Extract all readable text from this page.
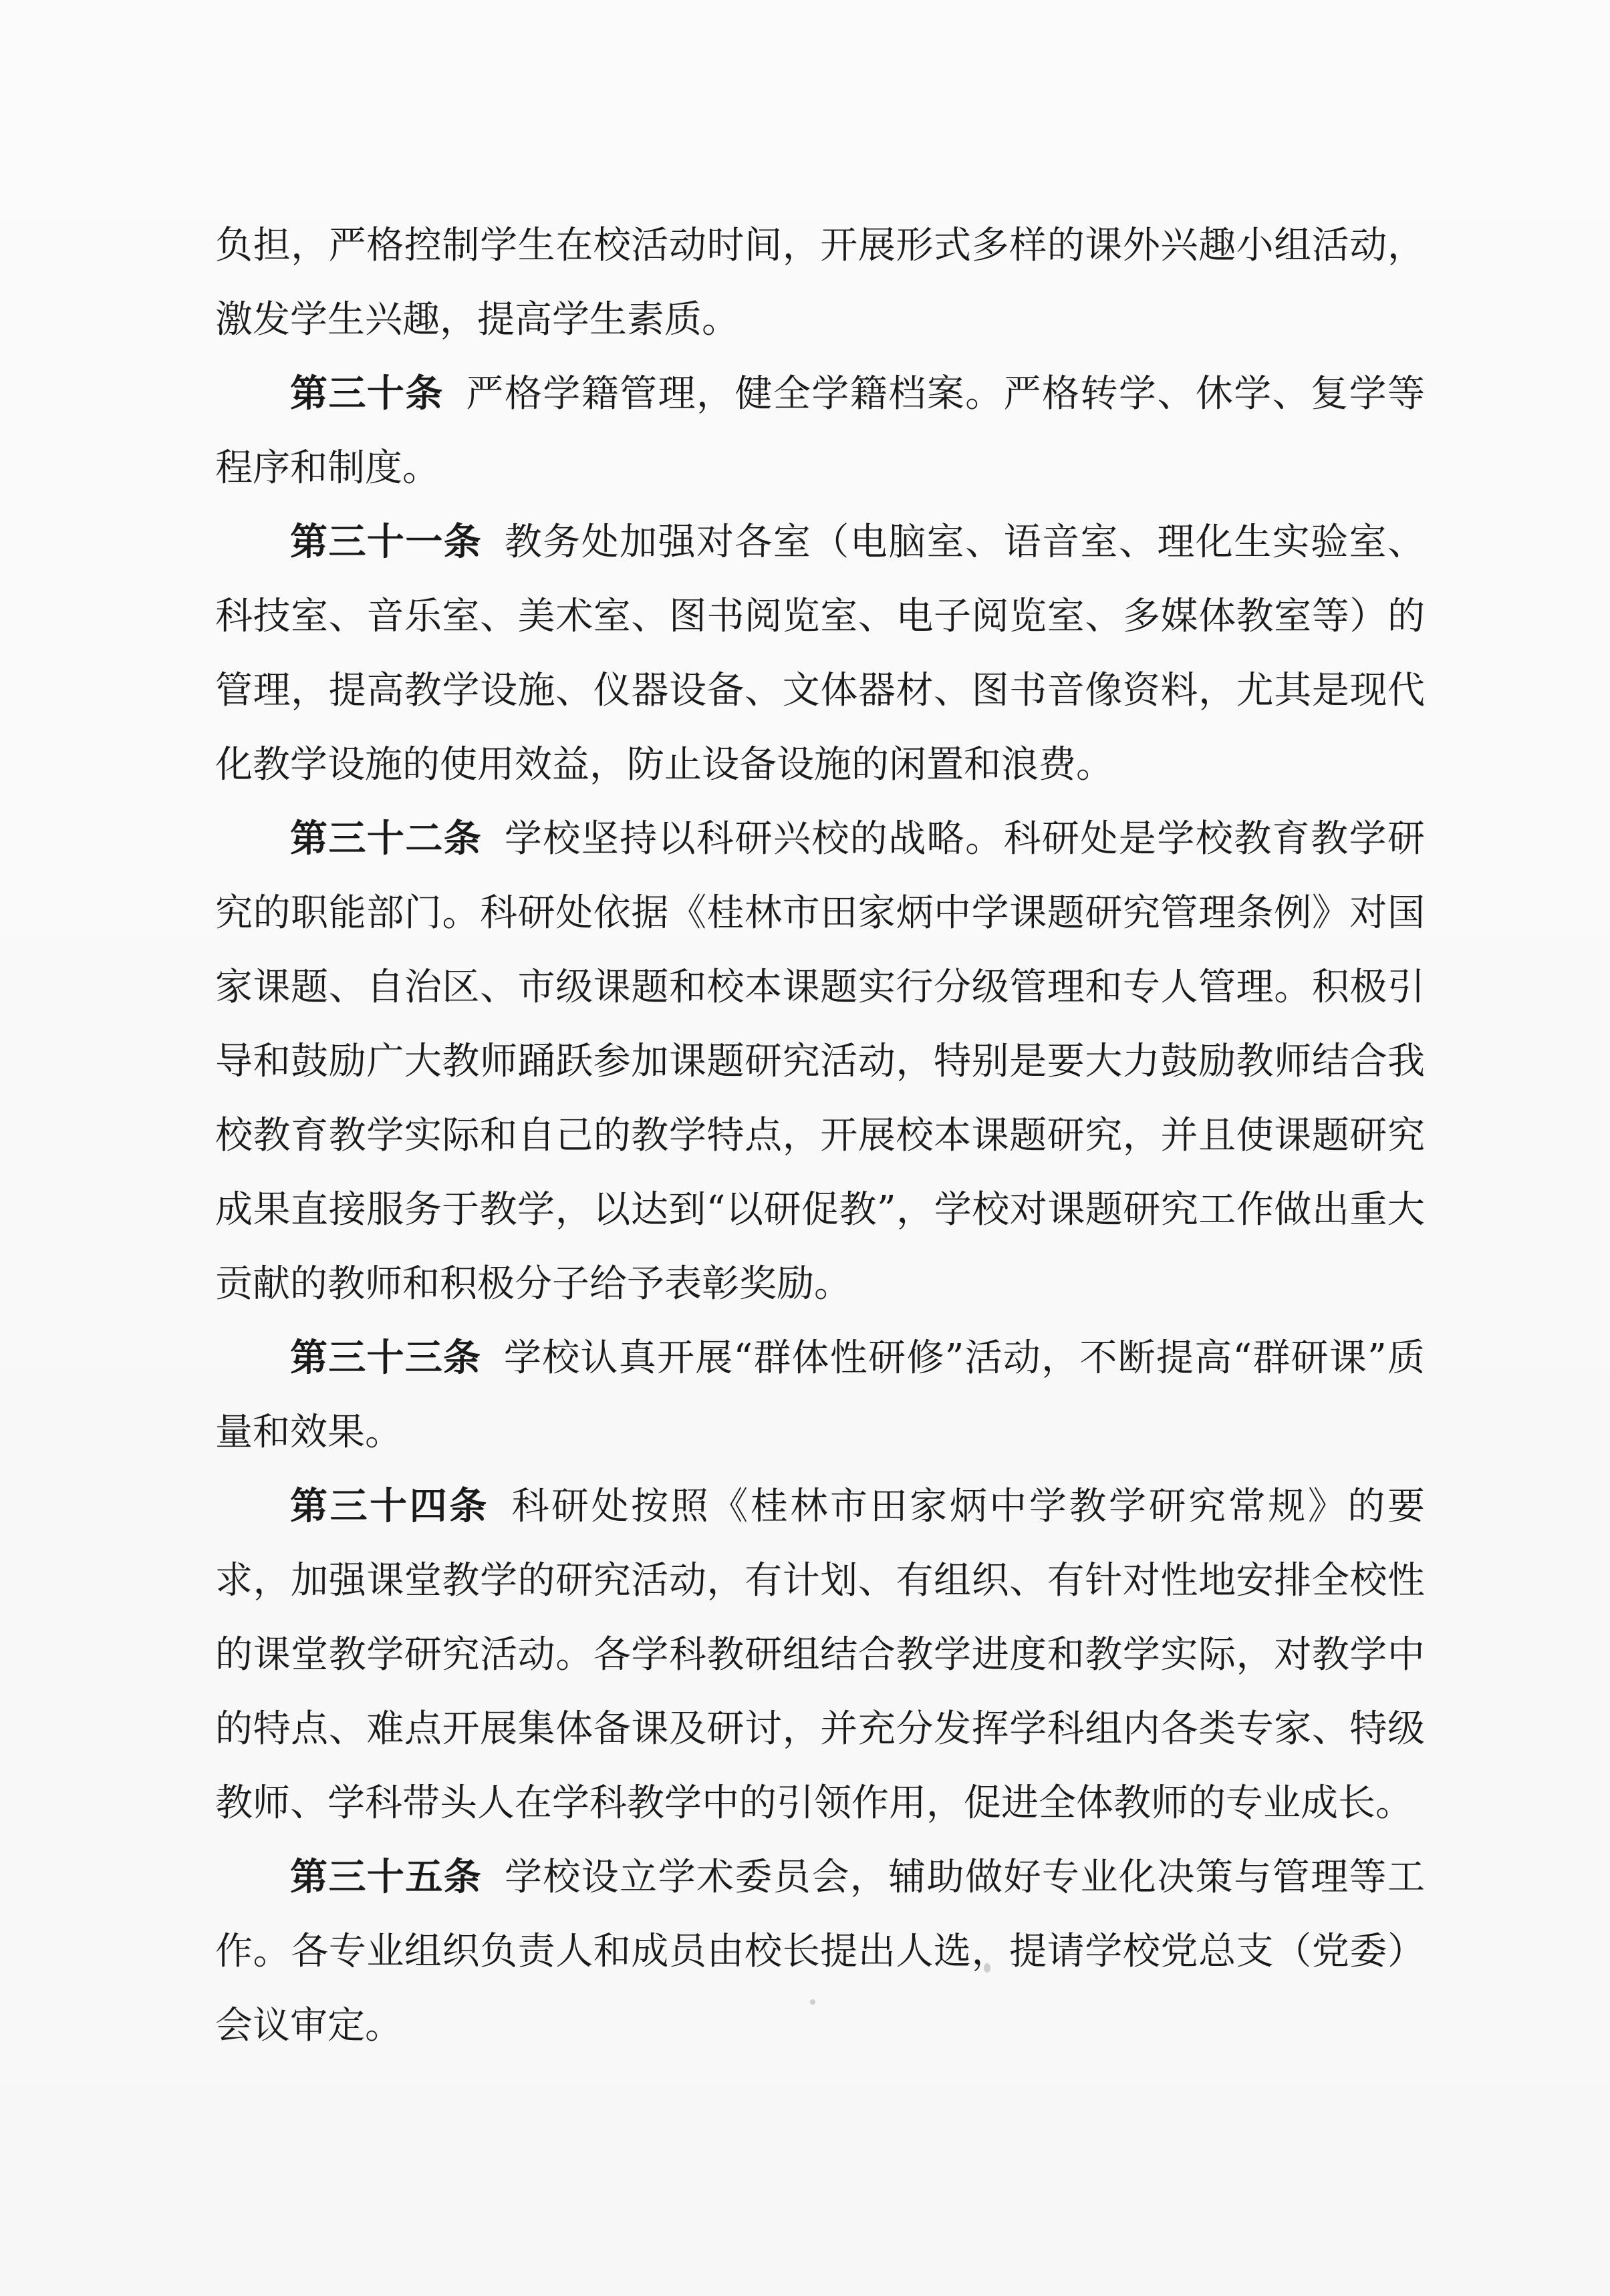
负担，严格控制学生在校活动时间，开展形式多样的课外兴趣小组活动，激发学生兴趣，提高学生素质。

第三十条 严格学籍管理，健全学籍档案。严格转学、休学、复学等程序和制度。

第三十一条 教务处加强对各室（电脑室、语音室、理化生实验室、科技室、音乐室、美术室、图书阅览室、电子阅览室、多媒体教室等）的管理，提高教学设施、仪器设备、文体器材、图书音像资料，尤其是现代化教学设施的使用效益，防止设备设施的闲置和浪费。

第三十二条 学校坚持以科研兴校的战略。科研处是学校教育教学研究的职能部门。科研处依据《桂林市田家炳中学课题研究管理条例》对国家课题、自治区、市级课题和校本课题实行分级管理和专人管理。积极引导和鼓励广大教师踊跃参加课题研究活动，特别是要大力鼓励教师结合我校教育教学实际和自己的教学特点，开展校本课题研究，并且使课题研究成果直接服务于教学，以达到“以研促教”，学校对课题研究工作做出重大贡献的教师和积极分子给予表彰奖励。

第三十三条 学校认真开展“群体性研修”活动，不断提高“群研课”质量和效果。

第三十四条 科研处按照《桂林市田家炳中学教学研究常规》的要求，加强课堂教学的研究活动，有计划、有组织、有针对性地安排全校性的课堂教学研究活动。各学科教研组结合教学进度和教学实际，对教学中的特点、难点开展集体备课及研讨，并充分发挥学科组内各类专家、特级教师、学科带头人在学科教学中的引领作用，促进全体教师的专业成长。

第三十五条 学校设立学术委员会，辅助做好专业化决策与管理等工作。各专业组织负责人和成员由校长提出人选，提请学校党总支（党委）会议审定。
